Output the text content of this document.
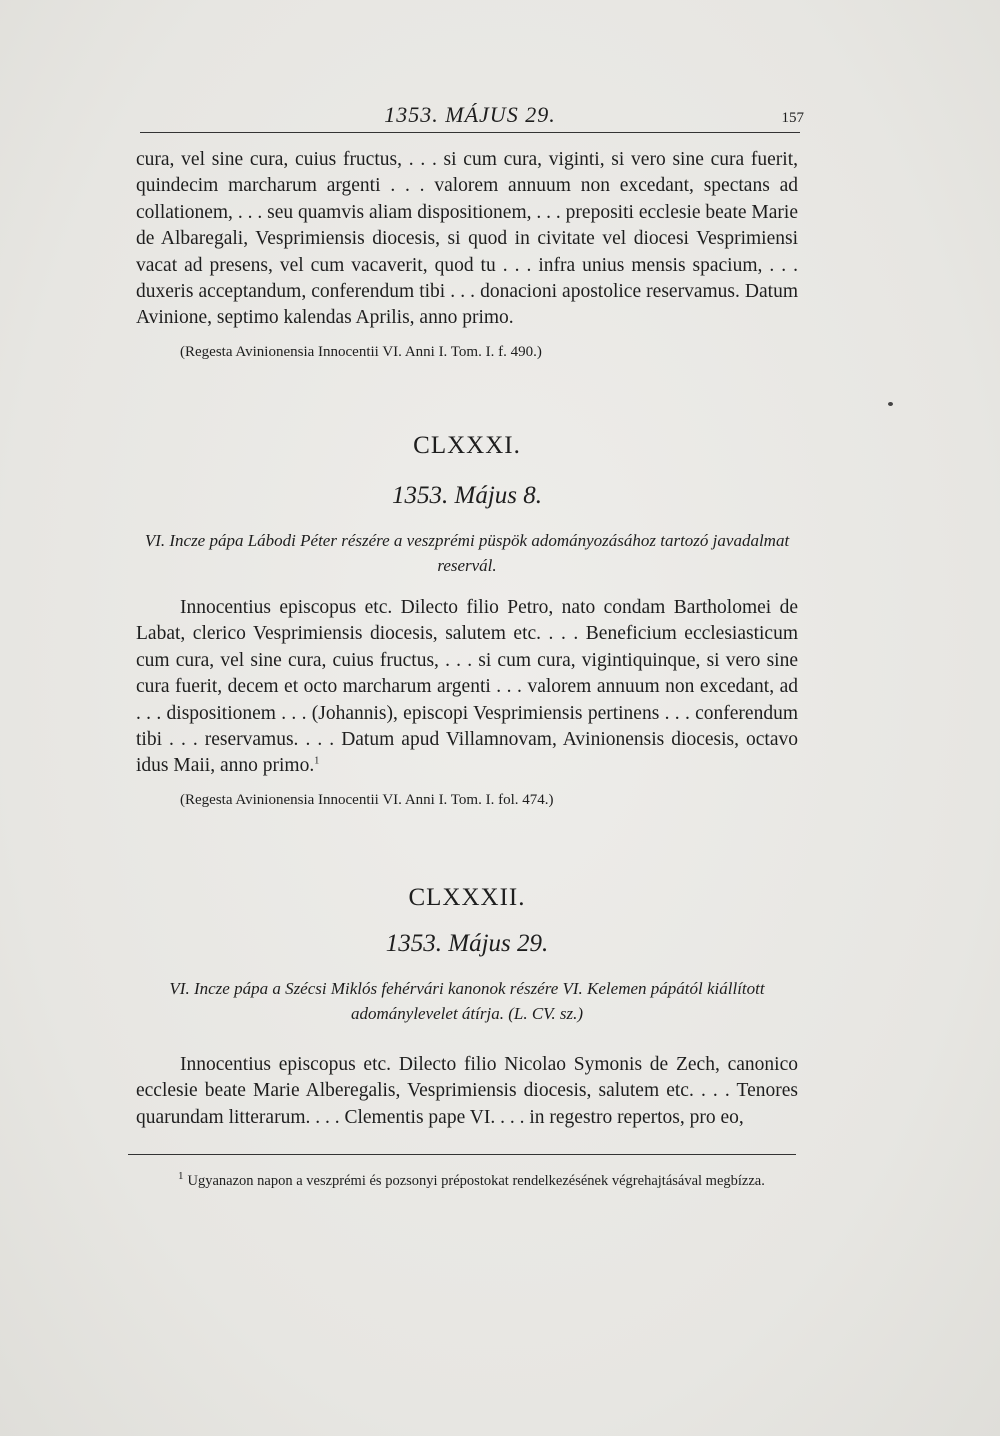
1353. MÁJUS 29.	157

cura, vel sine cura, cuius fructus, . . . si cum cura, viginti, si vero sine cura fuerit, quindecim marcharum argenti . . . valorem annuum non excedant, spectans ad collationem, . . . seu quamvis aliam dispositionem, . . . prepositi ecclesie beate Marie de Albaregali, Vesprimiensis diocesis, si quod in civitate vel diocesi Vesprimiensi vacat ad presens, vel cum vacaverit, quod tu . . . infra unius mensis spacium, . . . duxeris acceptandum, conferendum tibi . . . donacioni apostolice reservamus. Datum Avinione, septimo kalendas Aprilis, anno primo.

(Regesta Avinionensia Innocentii VI. Anni I. Tom. I. f. 490.)

CLXXXI.
1353. Május 8.
VI. Incze pápa Lábodi Péter részére a veszprémi püspök adományozásához tartozó javadalmat reservál.

Innocentius episcopus etc. Dilecto filio Petro, nato condam Bartholomei de Labat, clerico Vesprimiensis diocesis, salutem etc. . . . Beneficium ecclesiasticum cum cura, vel sine cura, cuius fructus, . . . si cum cura, vigintiquinque, si vero sine cura fuerit, decem et octo marcharum argenti . . . valorem annuum non excedant, ad . . . dispositionem . . . (Johannis), episcopi Vesprimiensis pertinens . . . conferendum tibi . . . reservamus. . . . Datum apud Villamnovam, Avinionensis diocesis, octavo idus Maii, anno primo.$^1$

(Regesta Avinionensia Innocentii VI. Anni I. Tom. I. fol. 474.)

CLXXXII.
1353. Május 29.
VI. Incze pápa a Szécsi Miklós fehérvári kanonok részére VI. Kelemen pápától kiállított adománylevelet átírja. (L. CV. sz.)

Innocentius episcopus etc. Dilecto filio Nicolao Symonis de Zech, canonico ecclesie beate Marie Alberegalis, Vesprimiensis diocesis, salutem etc. . . . Tenores quarundam litterarum. . . . Clementis pape VI. . . . in regestro repertos, pro eo,

$^1$ Ugyanazon napon a veszprémi és pozsonyi prépostokat rendelkezésének végrehajtásával megbízza.
